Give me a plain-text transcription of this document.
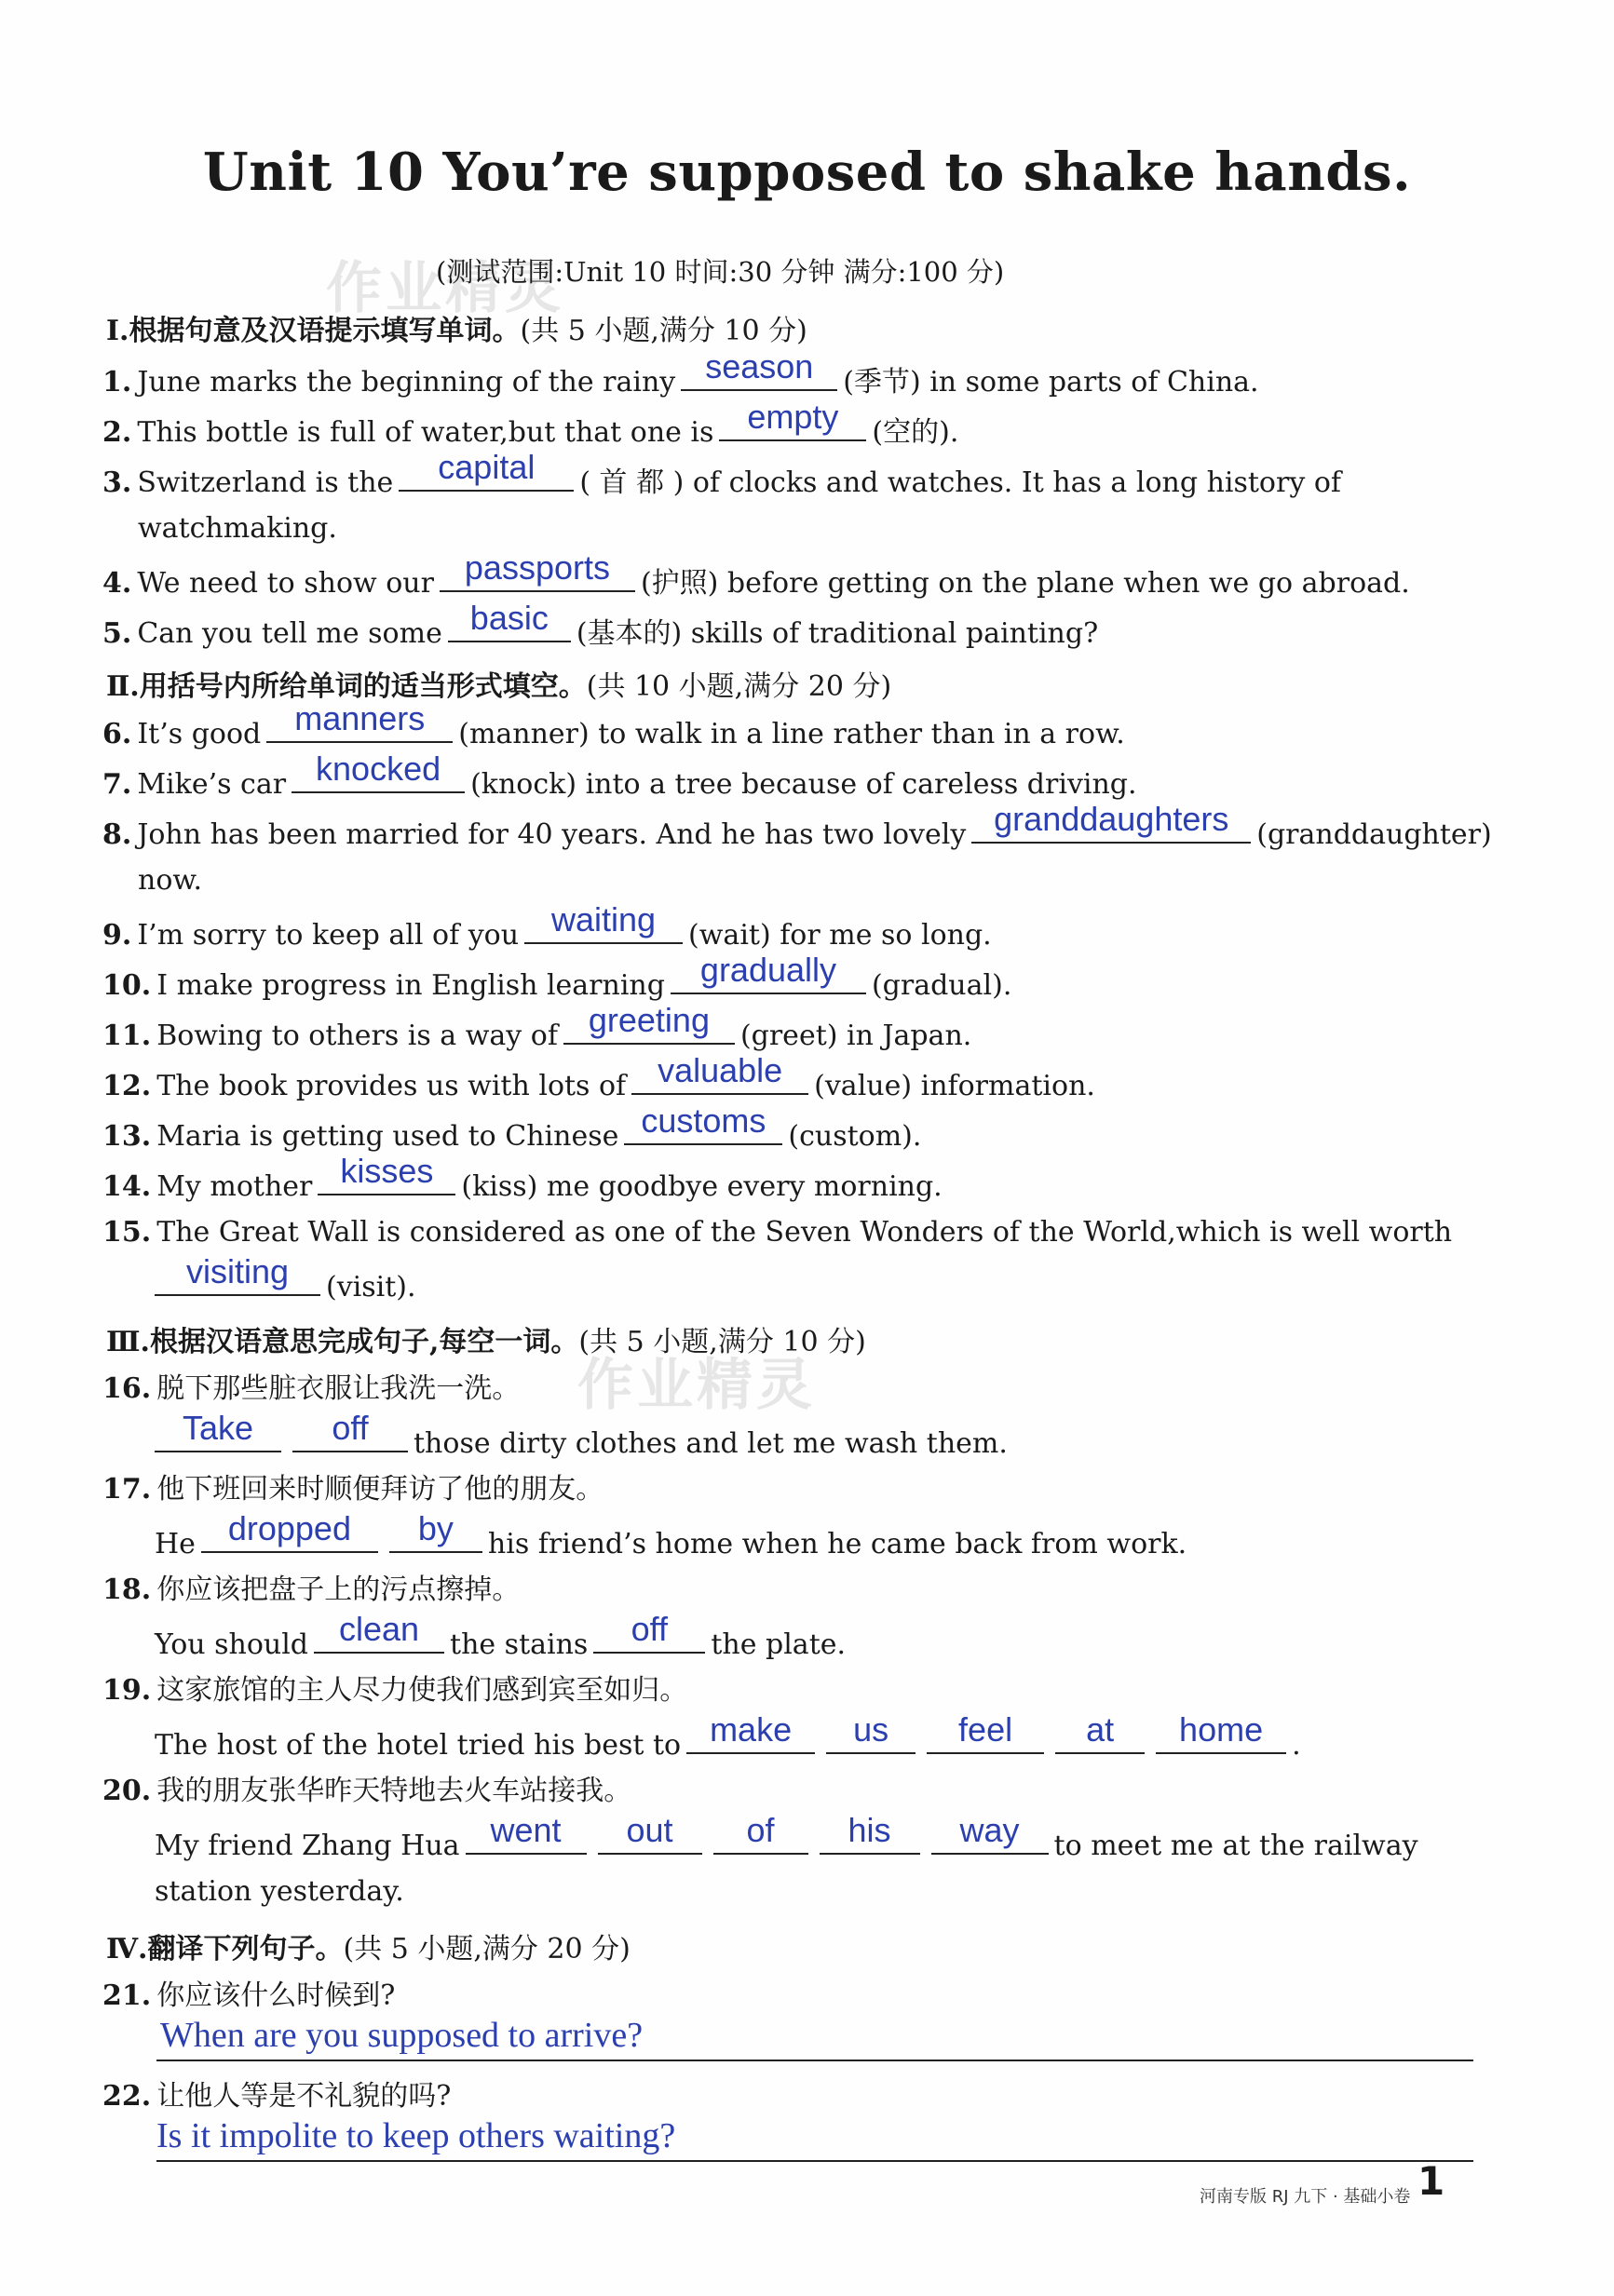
作业精灵
作业精灵
Unit 10 You’re supposed to shake hands.
(测试范围:Unit 10 时间:30 分钟 满分:100 分)
Ⅰ.根据句意及汉语提示填写单词。(共 5 小题,满分 10 分)
1. June marks the beginning of the rainy season	(季节) in some parts of China.
2. This bottle is full of water,but that one is empty	(空的).
3. Switzerland is the	capital	( 首 都 ) of clocks and watches. It has a long history of
watchmaking.
4. We need to show our passports	(护照) before getting on the plane when we go abroad.
5. Can you tell me some basic (基本的) skills of traditional painting?
Ⅱ.用括号内所给单词的适当形式填空。(共 10 小题,满分 20 分)
6. It’s good manners	(manner) to walk in a line rather than in a row.
7. Mike’s car knocked	(knock) into a tree because of careless driving.
8. John has been married for 40 years. And he has two lovely granddaughters (granddaughter)
now.
9. I’m sorry to keep all of you waiting	(wait) for me so long.
10. I make progress in English learning	gradually	(gradual).
11. Bowing to others is a way of greeting	(greet) in Japan.
12. The book provides us with lots of valuable	(value) information.
13. Maria is getting used to Chinese customs (custom).
14. My mother kisses (kiss) me goodbye every morning.
15. The Great Wall is considered as one of the Seven Wonders of the World,which is well worth
visiting	(visit).
Ⅲ.根据汉语意思完成句子,每空一词。(共 5 小题,满分 10 分)
16. 脱下那些脏衣服让我洗一洗。
Take	off	those dirty clothes and let me wash them.
17. 他下班回来时顺便拜访了他的朋友。
He dropped	by	his friend’s home when he came back from work.
18. 你应该把盘子上的污点擦掉。
You should clean	the stains	off	the plate.
19. 这家旅馆的主人尽力使我们感到宾至如归。
The host of the hotel tried his best to make	us	feel	at	home	.
20. 我的朋友张华昨天特地去火车站接我。
My friend Zhang Hua went	out	of	his	way	to meet me at the railway
station yesterday.
Ⅳ.翻译下列句子。(共 5 小题,满分 20 分)
21. 你应该什么时候到?
When are you supposed to arrive?
22. 让他人等是不礼貌的吗?
Is it impolite to keep others waiting?
河南专版 RJ 九下 · 基础小卷 1
